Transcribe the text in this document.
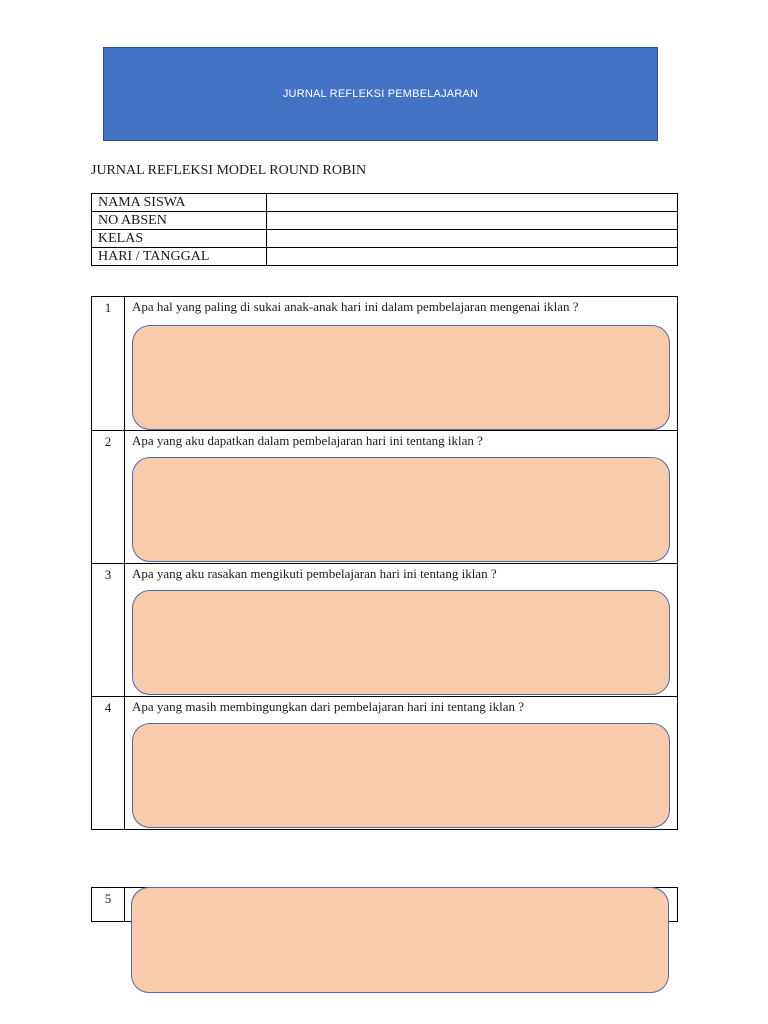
JURNAL REFLEKSI PEMBELAJARAN
JURNAL REFLEKSI MODEL ROUND ROBIN
NAMA SISWA	
NO ABSEN	
KELAS	
HARI / TANGGAL	
1	Apa hal yang paling di sukai anak-anak hari ini dalam pembelajaran mengenai iklan ?
2	Apa yang aku dapatkan dalam pembelajaran hari ini tentang iklan ?
3	Apa yang aku rasakan mengikuti pembelajaran hari ini tentang iklan ?
4	Apa yang masih membingungkan dari pembelajaran hari ini tentang iklan ?
5
